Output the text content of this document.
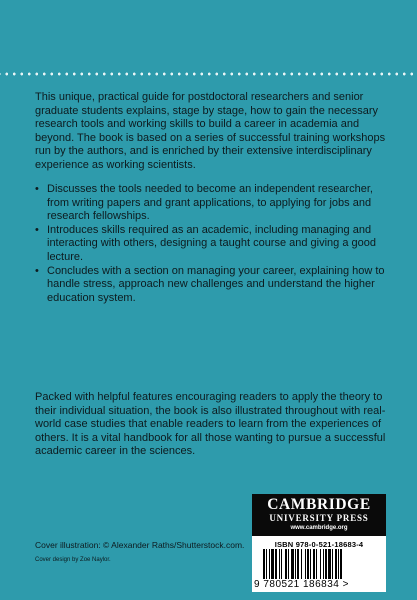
This unique, practical guide for postdoctoral researchers and senior graduate students explains, stage by stage, how to gain the necessary research tools and working skills to build a career in academia and beyond. The book is based on a series of successful training workshops run by the authors, and is enriched by their extensive interdisciplinary experience as working scientists.
• Discusses the tools needed to become an independent researcher, from writing papers and grant applications, to applying for jobs and research fellowships.
• Introduces skills required as an academic, including managing and interacting with others, designing a taught course and giving a good lecture.
• Concludes with a section on managing your career, explaining how to handle stress, approach new challenges and understand the higher education system.
Packed with helpful features encouraging readers to apply the theory to their individual situation, the book is also illustrated throughout with real-world case studies that enable readers to learn from the experiences of others. It is a vital handbook for all those wanting to pursue a successful academic career in the sciences.
Cover illustration: © Alexander Raths/Shutterstock.com.
Cover design by Zoe Naylor.
CAMBRIDGE
UNIVERSITY PRESS
www.cambridge.org
ISBN 978-0-521-18683-4
9 780521 186834 >
